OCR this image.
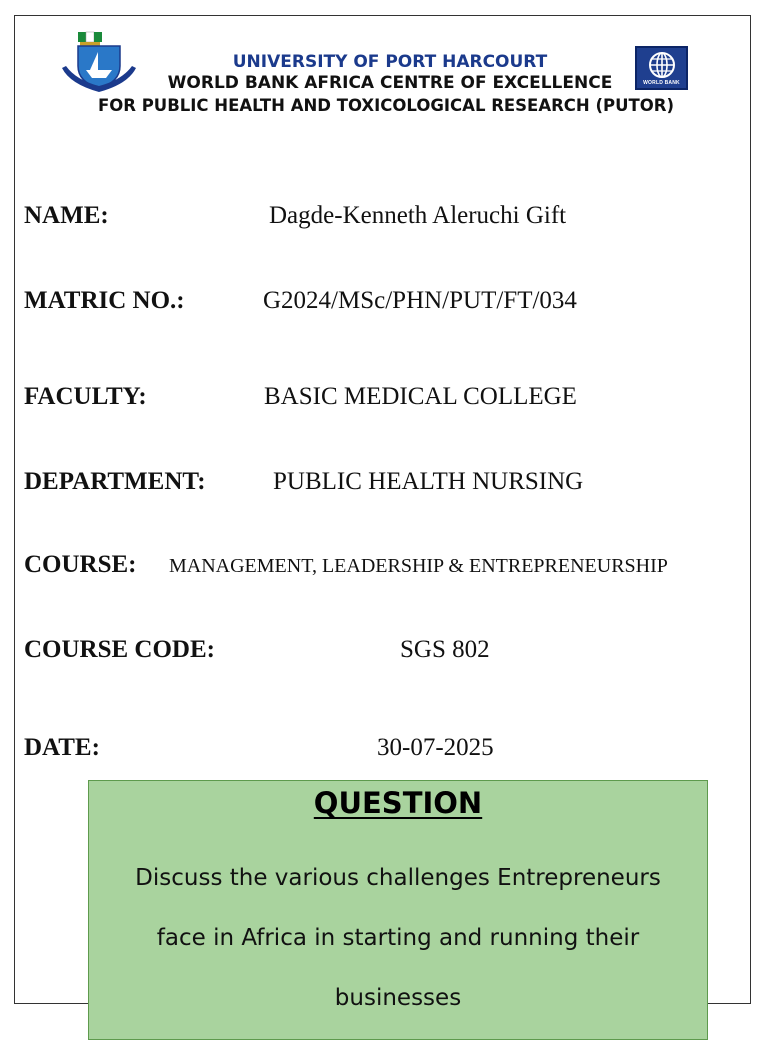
UNIVERSITY OF PORT HARCOURT
WORLD BANK AFRICA CENTRE OF EXCELLENCE
FOR PUBLIC HEALTH AND TOXICOLOGICAL RESEARCH (PUTOR)
WORLD BANK
NAME:	Dagde-Kenneth Aleruchi Gift
MATRIC NO.:	G2024/MSc/PHN/PUT/FT/034
FACULTY:	BASIC MEDICAL COLLEGE
DEPARTMENT:	PUBLIC HEALTH NURSING
COURSE: MANAGEMENT, LEADERSHIP & ENTREPRENEURSHIP
COURSE CODE:	SGS 802
DATE:	30-07-2025
QUESTION
Discuss the various challenges Entrepreneurs
face in Africa in starting and running their
businesses
